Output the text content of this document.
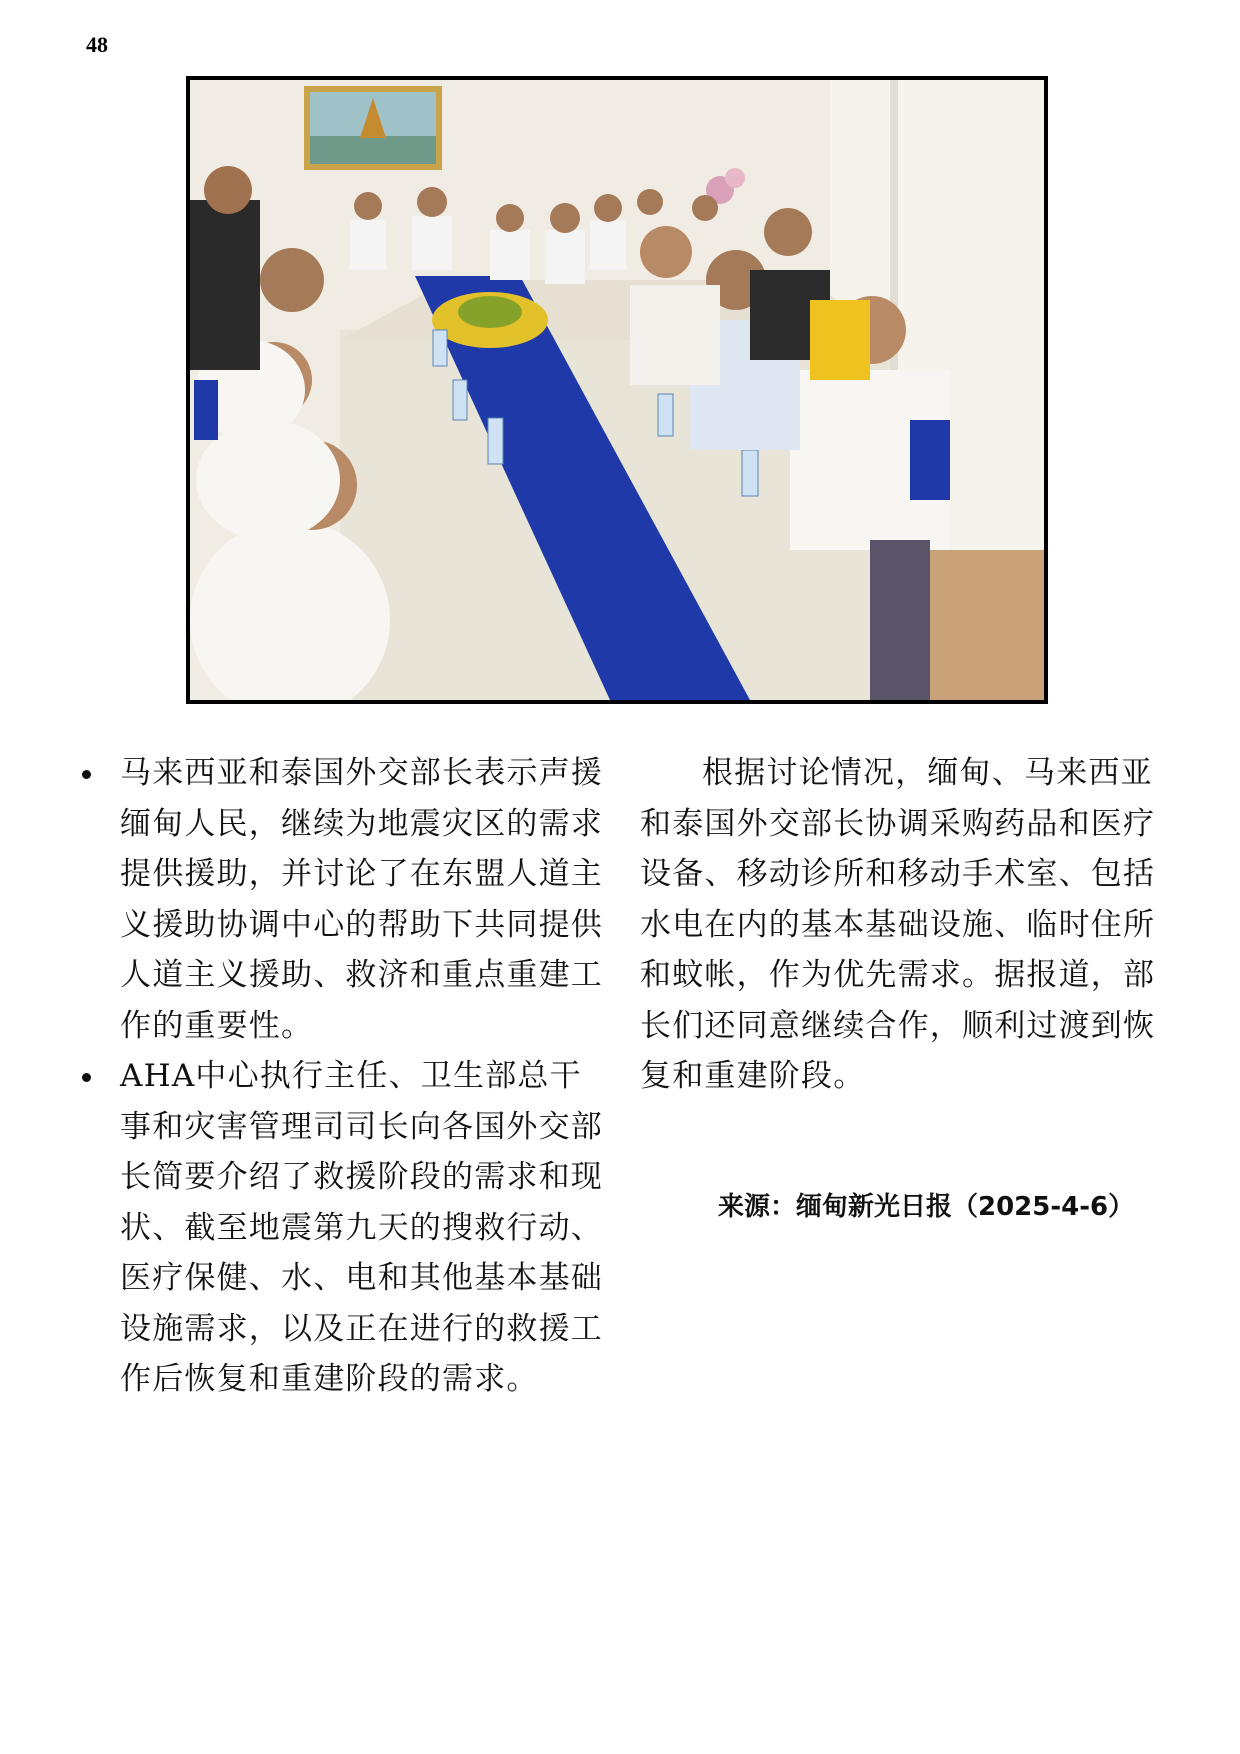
48
马来西亚和泰国外交部长表示声援缅甸人民，继续为地震灾区的需求提供援助，并讨论了在东盟人道主义援助协调中心的帮助下共同提供人道主义援助、救济和重点重建工作的重要性。
AHA中心执行主任、卫生部总干事和灾害管理司司长向各国外交部长简要介绍了救援阶段的需求和现状、截至地震第九天的搜救行动、医疗保健、水、电和其他基本基础设施需求，以及正在进行的救援工作后恢复和重建阶段的需求。

根据讨论情况，缅甸、马来西亚和泰国外交部长协调采购药品和医疗设备、移动诊所和移动手术室、包括水电在内的基本基础设施、临时住所和蚊帐，作为优先需求。据报道，部长们还同意继续合作，顺利过渡到恢复和重建阶段。

来源：缅甸新光日报（2025-4-6）
